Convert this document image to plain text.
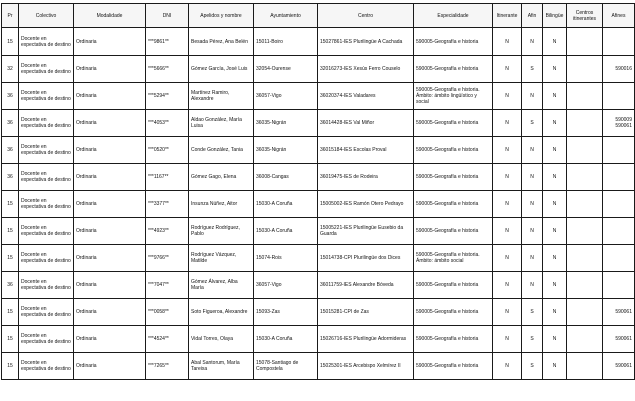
Pr	Colectivo	Modalidade	DNI	Apelidos y nombre	Ayuntamiento	Centro	Especialidade	Itinerante	Afin	Bilingüe	Centros itinerantes	Afines
15	Docente en expectativa de destino	Ordinaria	***9861**	Besada Pérez, Ana Belén	15011-Boiro	15027861-IES Plurilingüe A Cachada	590005-Geografía e historia	N	N	N		
32	Docente en expectativa de destino	Ordinaria	***5666**	Gómez García, José Luis	32054-Ourense	32016273-IES Xesús Ferro Couselo	590005-Geografía e historia	N	S	N		590016
36	Docente en expectativa de destino	Ordinaria	***5294**	Martínez Ramiro, Alexandre	36057-Vigo	36020374-IES Valadares	590005-Geografía e historia. Ámbito: ámbito lingüístico y social	N	N	N		
36	Docente en expectativa de destino	Ordinaria	***4053**	Aldao González, María Luisa	36035-Nigrán	36014428-IES Val Miñor	590005-Geografía e historia	N	S	N		590009 590061
36	Docente en expectativa de destino	Ordinaria	***0520**	Conde González, Tania	36035-Nigrán	36015184-IES Escolas Proval	590005-Geografía e historia	N	N	N		
36	Docente en expectativa de destino	Ordinaria	***1167**	Gómez Gago, Elena	36008-Cangas	36019475-IES de Rodeira	590005-Geografía e historia	N	N	N		
15	Docente en expectativa de destino	Ordinaria	***3377**	Insunza Núñez, Aitor	15030-A Coruña	15005002-IES Ramón Otero Pedrayo	590005-Geografía e historia	N	N	N		
15	Docente en expectativa de destino	Ordinaria	***4923**	Rodríguez Rodríguez, Pablo	15030-A Coruña	15005221-IES Plurilingüe Eusebio da Guarda	590005-Geografía e historia	N	N	N		
15	Docente en expectativa de destino	Ordinaria	***9766**	Rodríguez Vázquez, Matilde	15074-Rois	15014738-CPI Plurilingüe dos Dices	590005-Geografía e historia. Ámbito: ámbito social	N	N	N		
36	Docente en expectativa de destino	Ordinaria	***7047**	Gómez Álvarez, Alba María	36057-Vigo	36011759-IES Alexandre Bóveda	590005-Geografía e historia	N	N	N		
15	Docente en expectativa de destino	Ordinaria	***0058**	Soto Figueroa, Alexandre	15093-Zas	15015281-CPI de Zas	590005-Geografía e historia	N	S	N		590061
15	Docente en expectativa de destino	Ordinaria	***4524**	Vidal Torres, Olaya	15030-A Coruña	15026716-IES Plurilingüe Adormideras	590005-Geografía e historia	N	S	N		590061
15	Docente en expectativa de destino	Ordinaria	***7265**	Abal Santorum, María Tareixa	15078-Santiago de Compostela	15025301-IES Arcebispo Xelmírez II	590005-Geografía e historia	N	S	N		590061
